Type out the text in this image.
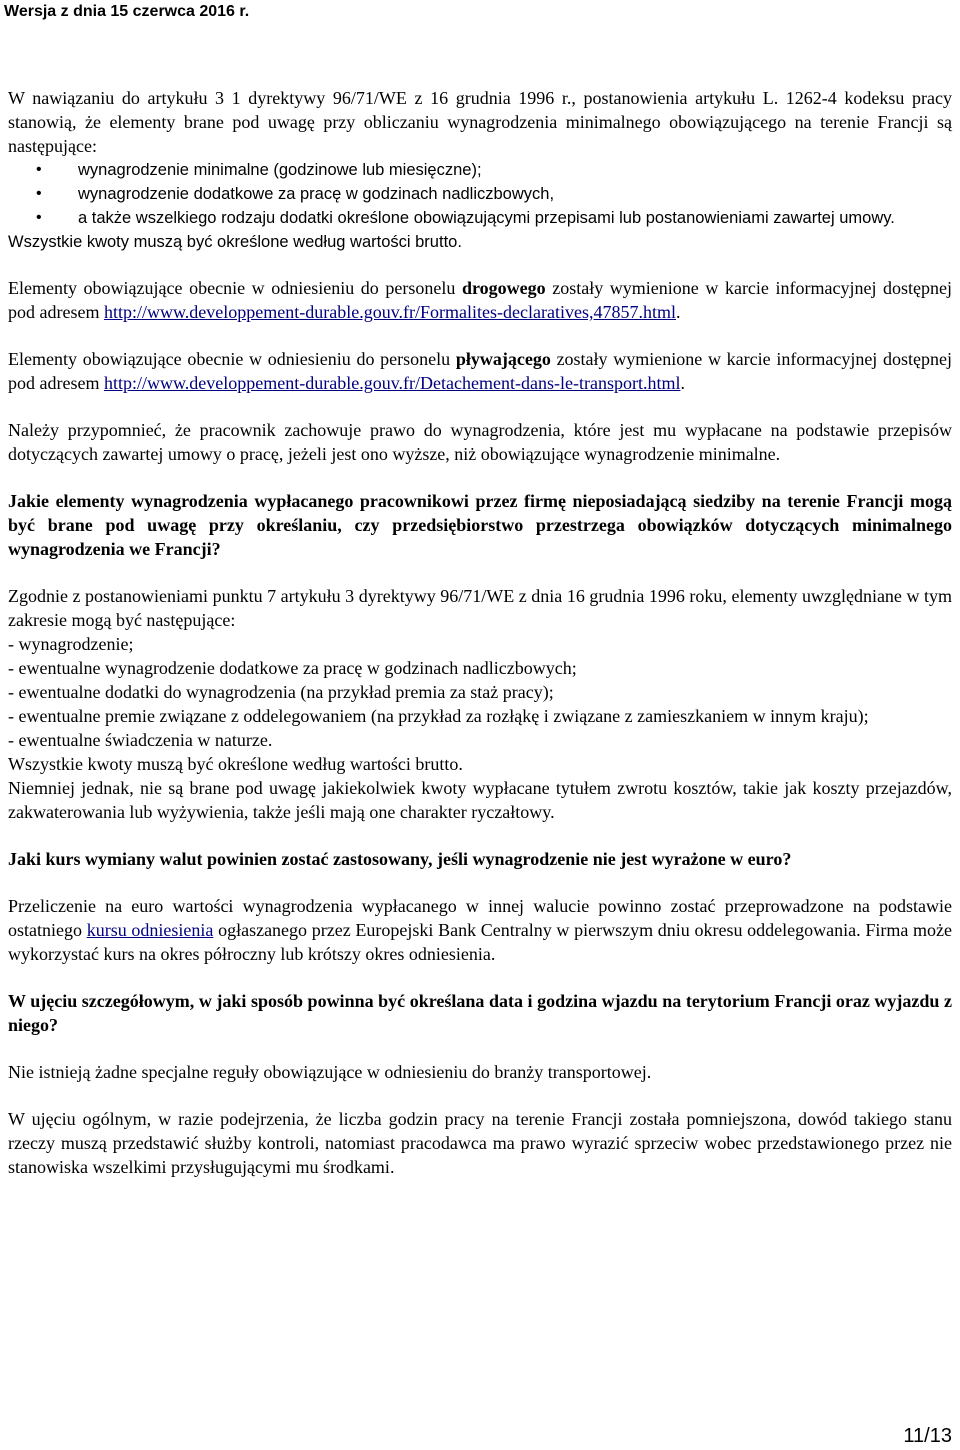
Wersja z dnia 15 czerwca 2016 r.

W nawiązaniu do artykułu 3 1 dyrektywy 96/71/WE z 16 grudnia 1996 r., postanowienia artykułu L. 1262-4 kodeksu pracy stanowią, że elementy brane pod uwagę przy obliczaniu wynagrodzenia minimalnego obowiązującego na terenie Francji są następujące:

• wynagrodzenie minimalne (godzinowe lub miesięczne);
• wynagrodzenie dodatkowe za pracę w godzinach nadliczbowych,
• a także wszelkiego rodzaju dodatki określone obowiązującymi przepisami lub postanowieniami zawartej umowy.

Wszystkie kwoty muszą być określone według wartości brutto.

Elementy obowiązujące obecnie w odniesieniu do personelu drogowego zostały wymienione w karcie informacyjnej dostępnej pod adresem http://www.developpement-durable.gouv.fr/Formalites-declaratives,47857.html.

Elementy obowiązujące obecnie w odniesieniu do personelu pływającego zostały wymienione w karcie informacyjnej dostępnej pod adresem http://www.developpement-durable.gouv.fr/Detachement-dans-le-transport.html.

Należy przypomnieć, że pracownik zachowuje prawo do wynagrodzenia, które jest mu wypłacane na podstawie przepisów dotyczących zawartej umowy o pracę, jeżeli jest ono wyższe, niż obowiązujące wynagrodzenie minimalne.

Jakie elementy wynagrodzenia wypłacanego pracownikowi przez firmę nieposiadającą siedziby na terenie Francji mogą być brane pod uwagę przy określaniu, czy przedsiębiorstwo przestrzega obowiązków dotyczących minimalnego wynagrodzenia we Francji?

Zgodnie z postanowieniami punktu 7 artykułu 3 dyrektywy 96/71/WE z dnia 16 grudnia 1996 roku, elementy uwzględniane w tym zakresie mogą być następujące:

- wynagrodzenie;

- ewentualne wynagrodzenie dodatkowe za pracę w godzinach nadliczbowych;

- ewentualne dodatki do wynagrodzenia (na przykład premia za staż pracy);

- ewentualne premie związane z oddelegowaniem (na przykład za rozłąkę i związane z zamieszkaniem w innym kraju);

- ewentualne świadczenia w naturze.

Wszystkie kwoty muszą być określone według wartości brutto.

Niemniej jednak, nie są brane pod uwagę jakiekolwiek kwoty wypłacane tytułem zwrotu kosztów, takie jak koszty przejazdów, zakwaterowania lub wyżywienia, także jeśli mają one charakter ryczałtowy.

Jaki kurs wymiany walut powinien zostać zastosowany, jeśli wynagrodzenie nie jest wyrażone w euro?

Przeliczenie na euro wartości wynagrodzenia wypłacanego w innej walucie powinno zostać przeprowadzone na podstawie ostatniego kursu odniesienia ogłaszanego przez Europejski Bank Centralny w pierwszym dniu okresu oddelegowania. Firma może wykorzystać kurs na okres półroczny lub krótszy okres odniesienia.

W ujęciu szczegółowym, w jaki sposób powinna być określana data i godzina wjazdu na terytorium Francji oraz wyjazdu z niego?

Nie istnieją żadne specjalne reguły obowiązujące w odniesieniu do branży transportowej.

W ujęciu ogólnym, w razie podejrzenia, że liczba godzin pracy na terenie Francji została pomniejszona, dowód takiego stanu rzeczy muszą przedstawić służby kontroli, natomiast pracodawca ma prawo wyrazić sprzeciw wobec przedstawionego przez nie stanowiska wszelkimi przysługującymi mu środkami.

11/13
